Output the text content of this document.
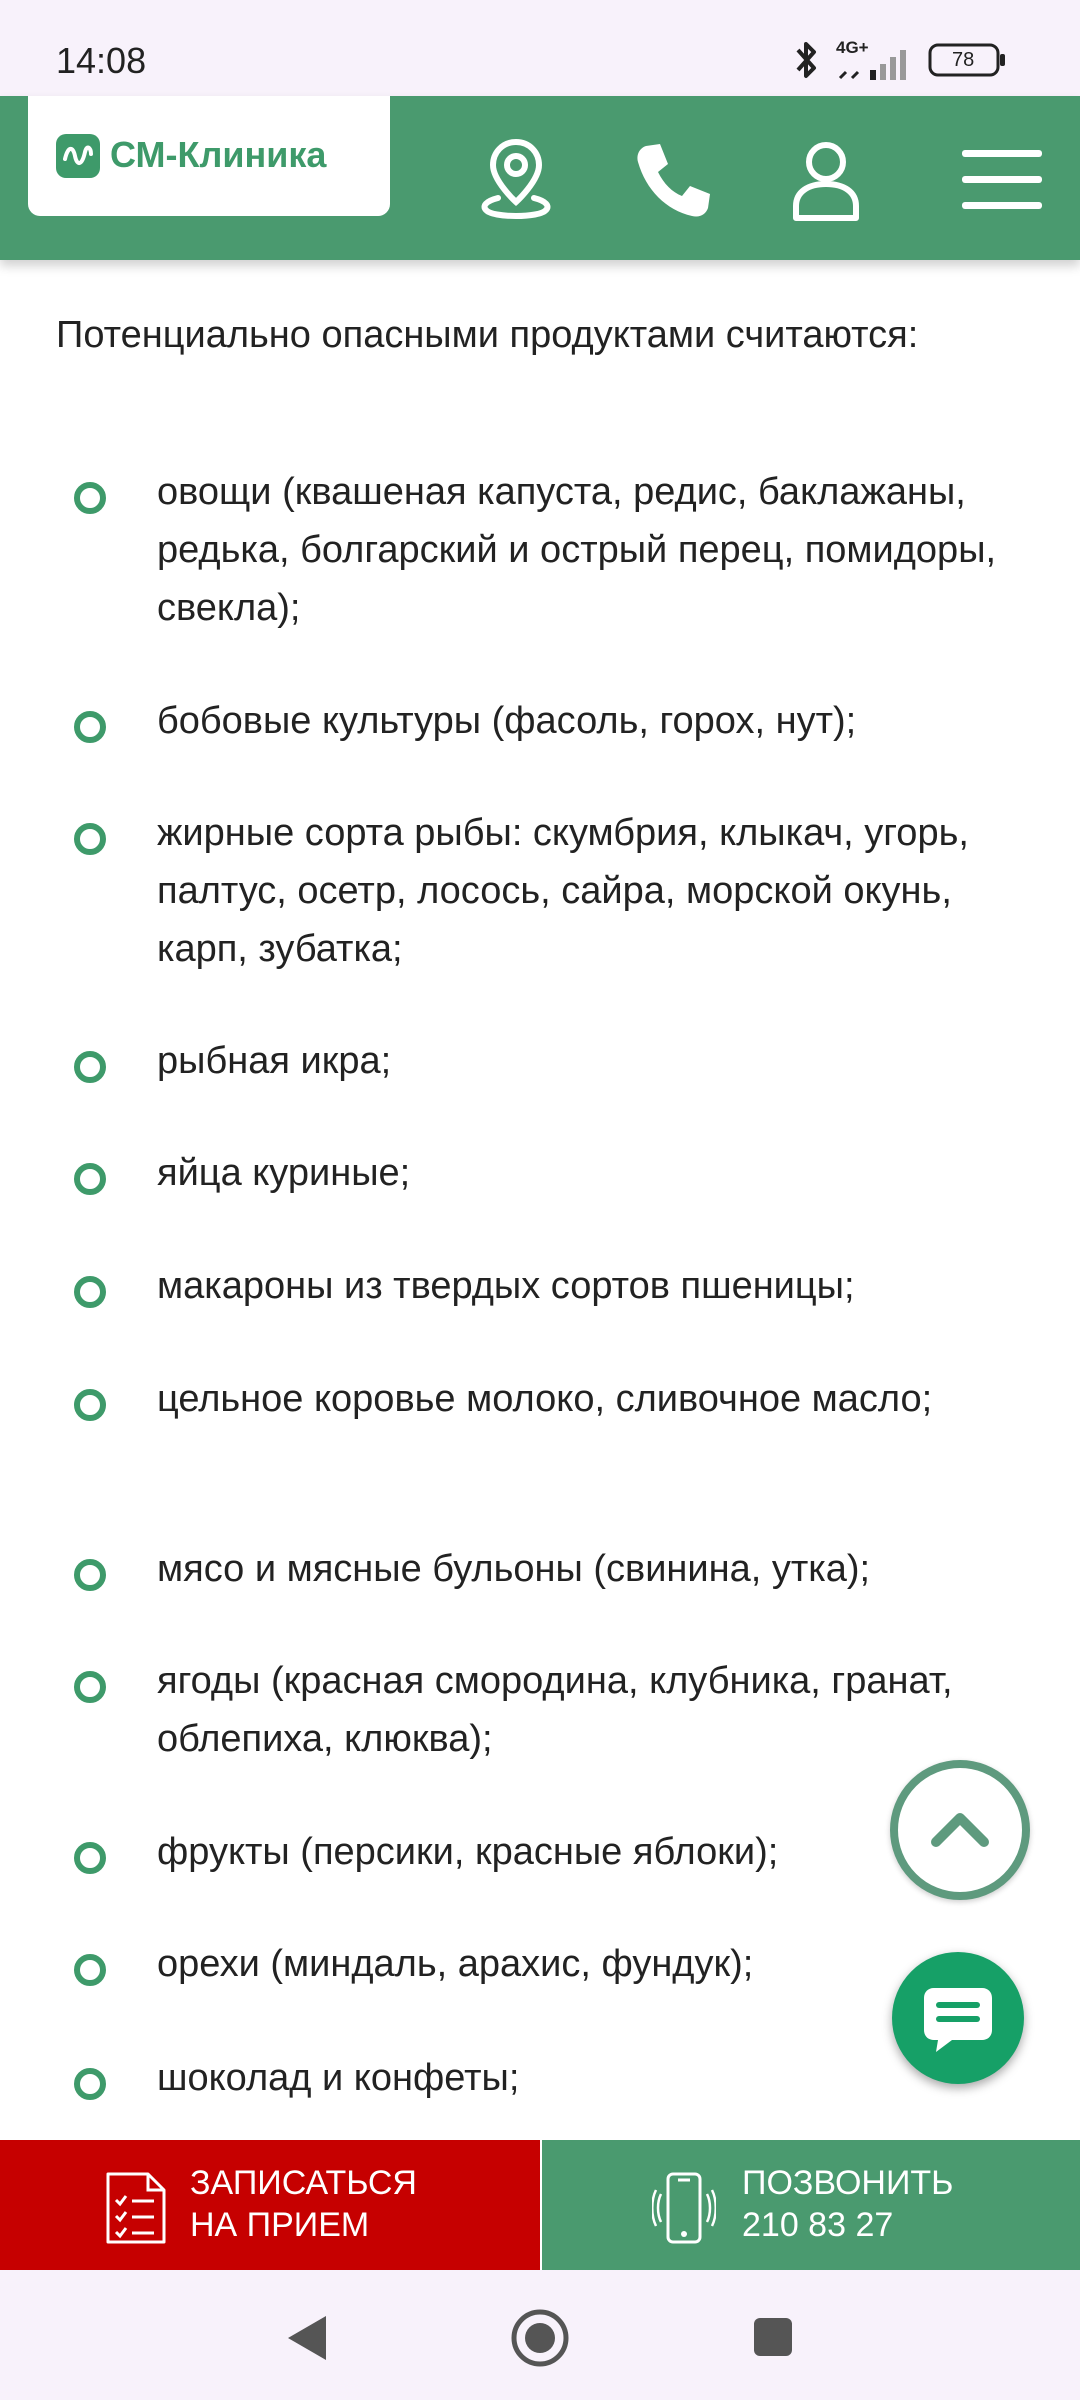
14:08	4G+
78
СМ-Клиника
Потенциально опасными продуктами считаются:
овощи (квашеная капуста, редис, баклажаны, редька, болгарский и острый перец, помидоры, свекла);
бобовые культуры (фасоль, горох, нут);
жирные сорта рыбы: скумбрия, клыкач, угорь, палтус, осетр, лосось, сайра, морской окунь, карп, зубатка;
рыбная икра;
яйца куриные;
макароны из твердых сортов пшеницы;
цельное коровье молоко, сливочное масло;
мясо и мясные бульоны (свинина, утка);
ягоды (красная смородина, клубника, гранат, облепиха, клюква);
фрукты (персики, красные яблоки);
орехи (миндаль, арахис, фундук);
шоколад и конфеты;
ЗАПИСАТЬСЯ
НА ПРИЕМ
ПОЗВОНИТЬ
210 83 27
